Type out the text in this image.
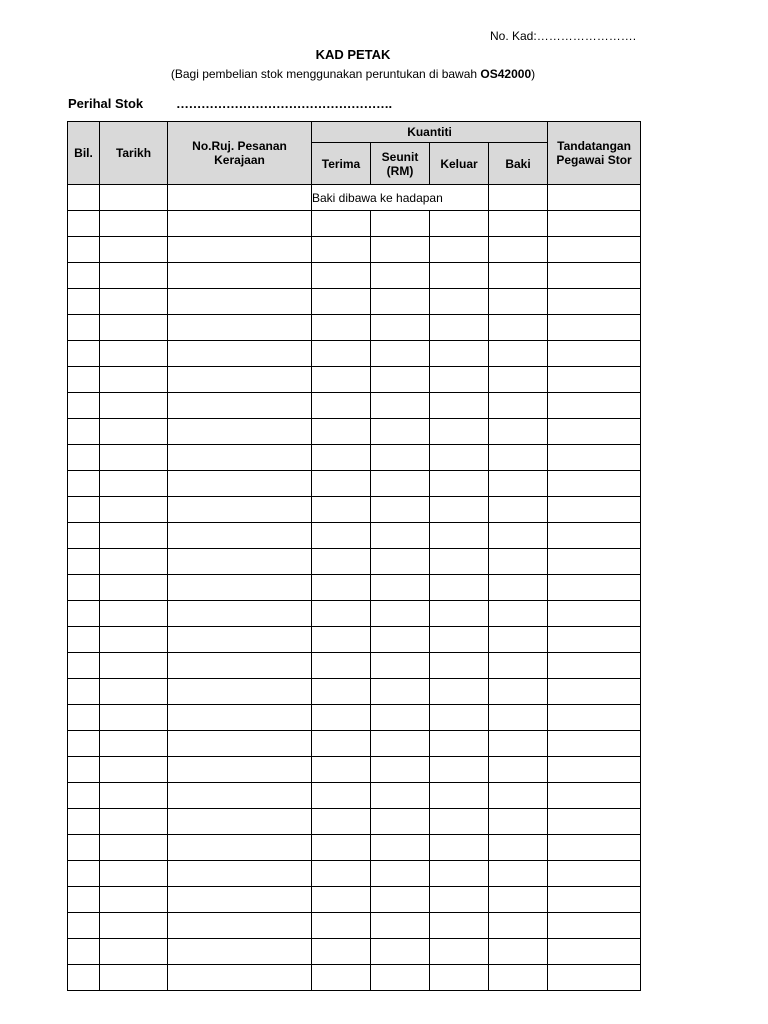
No. Kad:…………………….
KAD PETAK
(Bagi pembelian stok menggunakan peruntukan di bawah OS42000)
Perihal Stok	…………………………………………….
Bil.	Tarikh	No.Ruj. Pesanan Kerajaan	Kuantiti				Tandatangan Pegawai Stor
			Terima	Seunit (RM)	Keluar	Baki	
			Baki dibawa ke hadapan				
